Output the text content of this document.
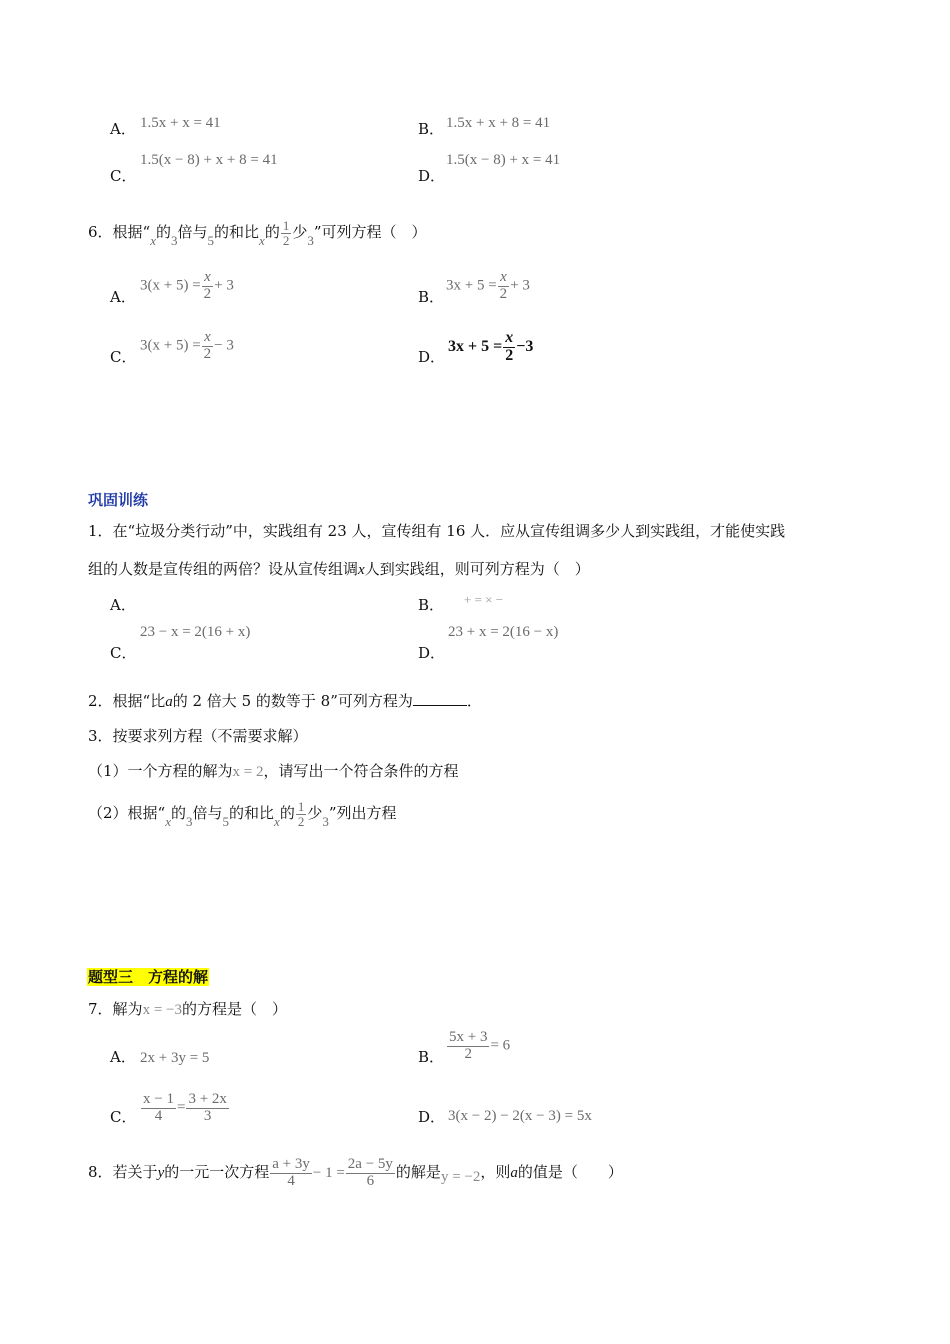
A． 1.5x + x = 41	B． 1.5x + x + 8 = 41
C．
1.5(x − 8) + x + 8 = 41
D．
1.5(x − 8) + x = 41
6．根据“x的3倍与5的和比x的 $\frac{1}{2}$ 少3”可列方程（　）
A．
$3(x + 5) = \frac{x}{2} + 3$
B．
$3x + 5 = \frac{x}{2} + 3$
C．
$3(x + 5) = \frac{x}{2} - 3$
D．
$3x + 5 = \frac{x}{2} -3$
巩固训练
1．在“垃圾分类行动”中，实践组有 23 人，宣传组有 16 人．应从宣传组调多少人到实践组，才能使实践
组的人数是宣传组的两倍？设从宣传组调x人到实践组，则可列方程为（　）
A．	B． + = × −
C．
23 − x = 2(16 + x)
D．
23 + x = 2(16 − x)
2．根据“比a的 2 倍大 5 的数等于 8”可列方程为	．
3．按要求列方程（不需要求解）
（1）一个方程的解为x = 2，请写出一个符合条件的方程
（2）根据“x的3倍与5的和比x的 $\frac{1}{2}$ 少3”列出方程
题型三　方程的解
7．解为x = −3的方程是（　）
A． 2x + 3y = 5	B． $\frac{5x + 3}{2} = 6$
C． $\frac{x - 1}{4} = \frac{3 + 2x}{3}$	D． 3(x − 2) − 2(x − 3) = 5x
8．若关于y的一元一次方程 $\frac{a + 3y}{4} - 1 = \frac{2a - 5y}{6}$ 的解是y = −2，则a的值是（　　）
